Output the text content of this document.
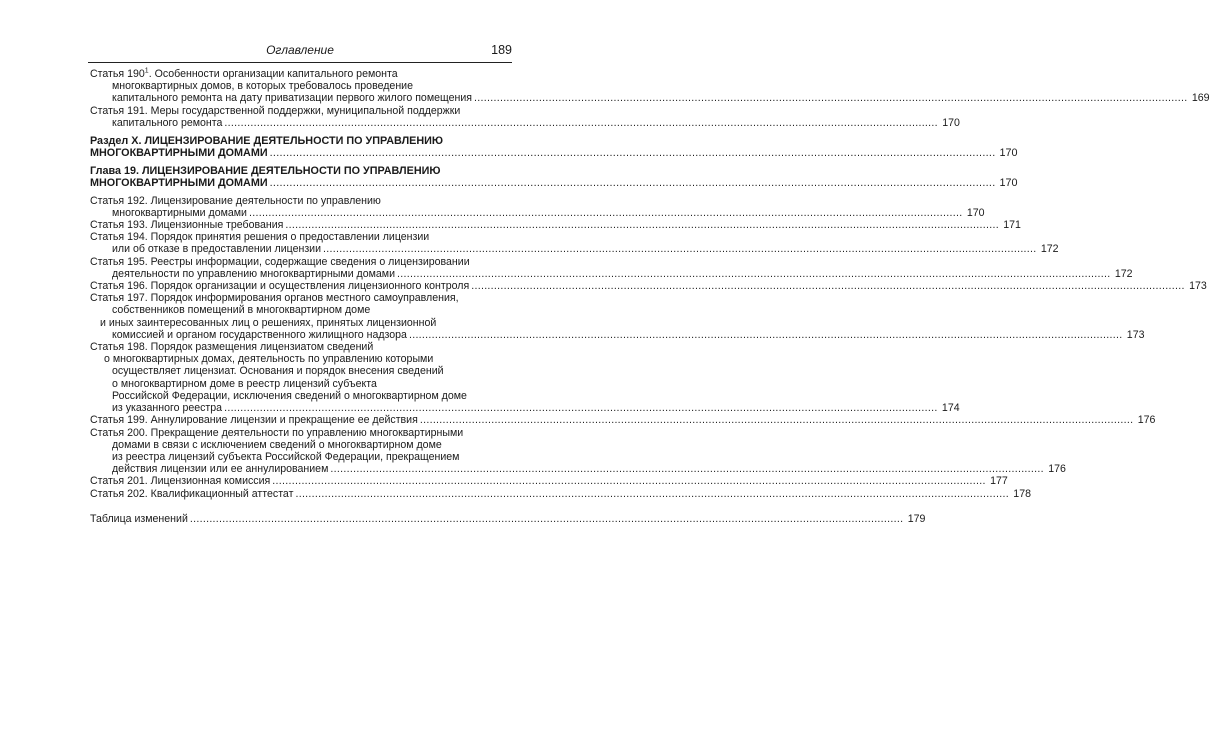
Оглавление	189
Статья $190^1$. Особенности организации капитального ремонта
многоквартирных домов, в которых требовалось проведение
капитального ремонта на дату приватизации первого жилого помещения ............................................................................................................................................................................................................................ 169
Статья 191. Меры государственной поддержки, муниципальной поддержки
капитального ремонта ............................................................................................................................................................................................................................ 170
Раздел X. ЛИЦЕНЗИРОВАНИЕ ДЕЯТЕЛЬНОСТИ ПО УПРАВЛЕНИЮ
МНОГОКВАРТИРНЫМИ ДОМАМИ ............................................................................................................................................................................................................................ 170
Глава 19. ЛИЦЕНЗИРОВАНИЕ ДЕЯТЕЛЬНОСТИ ПО УПРАВЛЕНИЮ
МНОГОКВАРТИРНЫМИ ДОМАМИ ............................................................................................................................................................................................................................ 170
Статья 192. Лицензирование деятельности по управлению
многоквартирными домами ............................................................................................................................................................................................................................ 170
Статья 193. Лицензионные требования ............................................................................................................................................................................................................................ 171
Статья 194. Порядок принятия решения о предоставлении лицензии
или об отказе в предоставлении лицензии ............................................................................................................................................................................................................................ 172
Статья 195. Реестры информации, содержащие сведения о лицензировании
деятельности по управлению многоквартирными домами ............................................................................................................................................................................................................................ 172
Статья 196. Порядок организации и осуществления лицензионного контроля ............................................................................................................................................................................................................................ 173
Статья 197. Порядок информирования органов местного самоуправления,
собственников помещений в многоквартирном доме
и иных заинтересованных лиц о решениях, принятых лицензионной
комиссией и органом государственного жилищного надзора ............................................................................................................................................................................................................................ 173
Статья 198. Порядок размещения лицензиатом сведений
о многоквартирных домах, деятельность по управлению которыми
осуществляет лицензиат. Основания и порядок внесения сведений
о многоквартирном доме в реестр лицензий субъекта
Российской Федерации, исключения сведений о многоквартирном доме
из указанного реестра ............................................................................................................................................................................................................................ 174
Статья 199. Аннулирование лицензии и прекращение ее действия ............................................................................................................................................................................................................................ 176
Статья 200. Прекращение деятельности по управлению многоквартирными
домами в связи с исключением сведений о многоквартирном доме
из реестра лицензий субъекта Российской Федерации, прекращением
действия лицензии или ее аннулированием ............................................................................................................................................................................................................................ 176
Статья 201. Лицензионная комиссия ............................................................................................................................................................................................................................ 177
Статья 202. Квалификационный аттестат ............................................................................................................................................................................................................................ 178
Таблица изменений ............................................................................................................................................................................................................................ 179
